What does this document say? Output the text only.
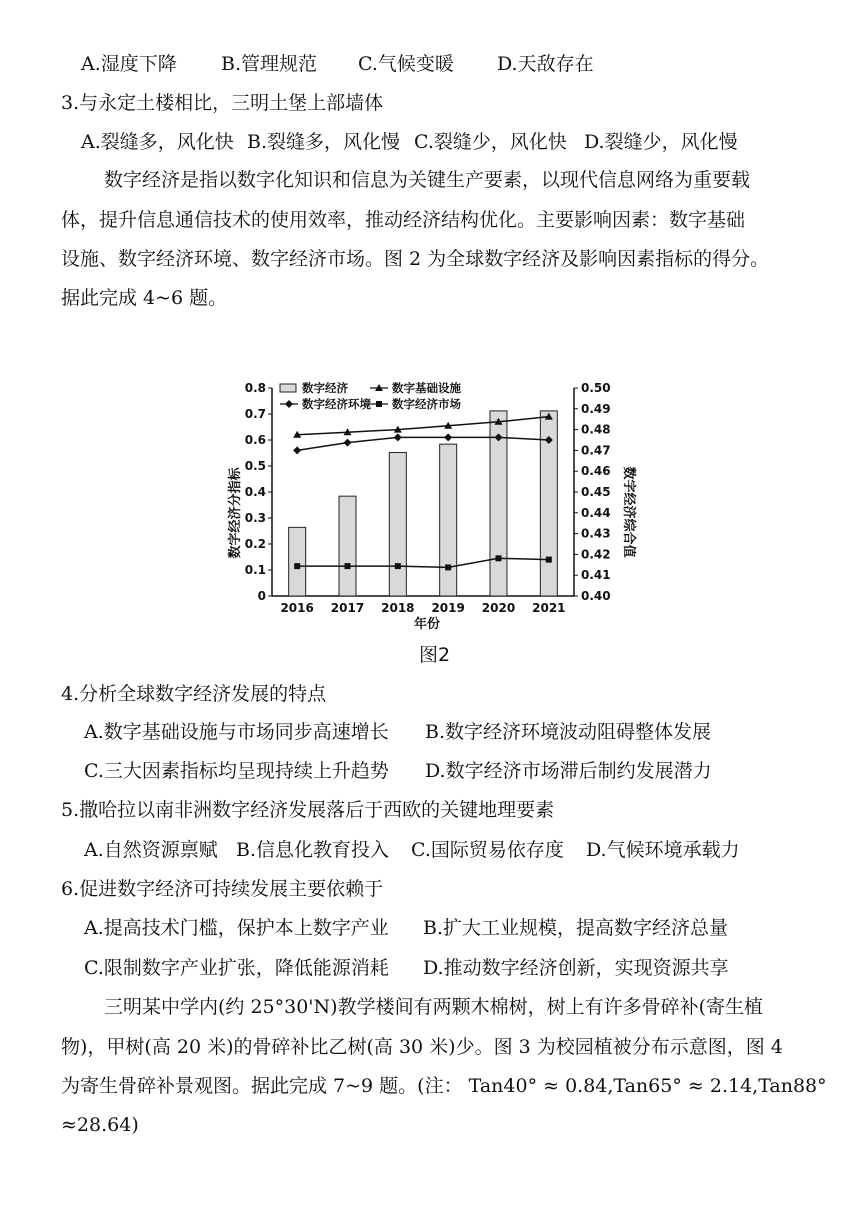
A.湿度下降 B.管理规范 C.气候变暖 D.天敌存在
3.与永定土楼相比，三明土堡上部墙体
A.裂缝多，风化快 B.裂缝多，风化慢 C.裂缝少，风化快 D.裂缝少，风化慢
数字经济是指以数字化知识和信息为关键生产要素，以现代信息网络为重要载
体，提升信息通信技术的使用效率，推动经济结构优化。主要影响因素：数字基础
设施、数字经济环境、数字经济市场。图 2 为全球数字经济及影响因素指标的得分。
据此完成 4~6 题。
0
0.1
0.2
0.3
0.4
0.5
0.6
0.7
0.8
0.40
0.41
0.42
0.43
0.44
0.45
0.46
0.47
0.48
0.49
0.50
2016 2017 2018 2019 2020 2021
数字经济	数字基础设施
数字经济环境 数字经济市场
数字经济分指标	数字经济综合值
年份
图2
4.分析全球数字经济发展的特点
A.数字基础设施与市场同步高速增长 B.数字经济环境波动阻碍整体发展
C.三大因素指标均呈现持续上升趋势 D.数字经济市场滞后制约发展潜力
5.撒哈拉以南非洲数字经济发展落后于西欧的关键地理要素
A.自然资源禀赋 B.信息化教育投入 C.国际贸易依存度 D.气候环境承载力
6.促进数字经济可持续发展主要依赖于
A.提高技术门槛，保护本上数字产业 B.扩大工业规模，提高数字经济总量
C.限制数字产业扩张，降低能源消耗 D.推动数字经济创新，实现资源共享
三明某中学内(约 25°30'N)教学楼间有两颗木棉树，树上有许多骨碎补(寄生植
物)，甲树(高 20 米)的骨碎补比乙树(高 30 米)少。图 3 为校园植被分布示意图，图 4
为寄生骨碎补景观图。据此完成 7~9 题。(注： Tan40° ≈ 0.84,Tan65° ≈ 2.14,Tan88°
≈28.64)
